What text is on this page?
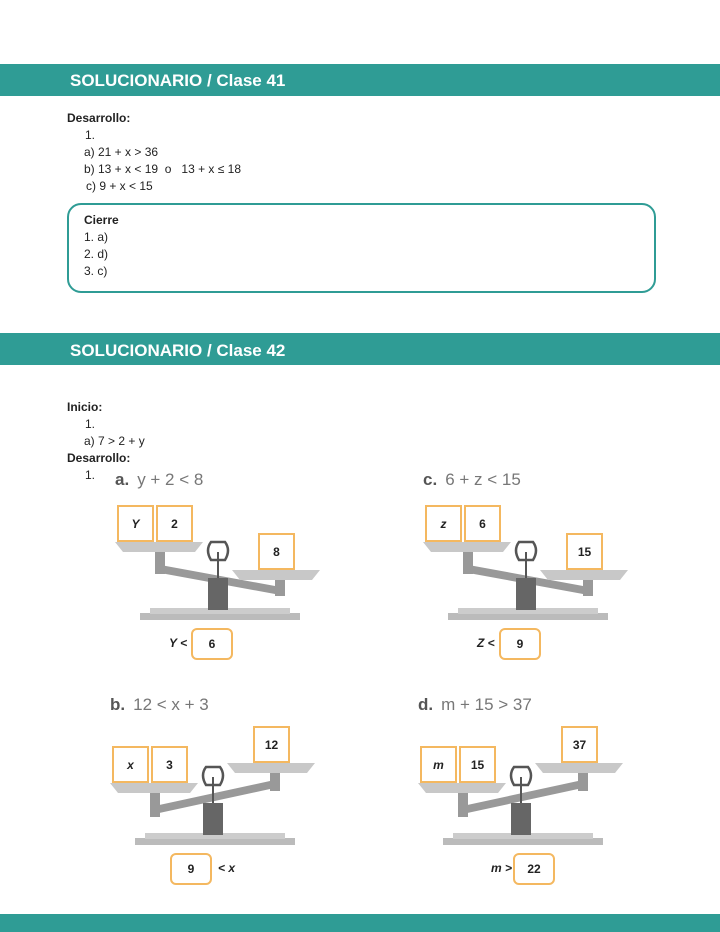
SOLUCIONARIO / Clase 41
Desarrollo:
1.
a) 21 + x > 36
b) 13 + x < 19  o   13 + x ≤ 18
c) 9 + x < 15
Cierre
1. a)
2. d)
3. c)
SOLUCIONARIO / Clase 42
Inicio:
1.
a) 7 > 2 + y
Desarrollo:
1. a. y + 2 < 8
Y	2
8
6
Y <
c. 6 + z < 15
z	6
15
9
Z <
b. 12 < x + 3
x	3
12
9	< x
d. m + 15 > 37
m	15
37
22
m >
